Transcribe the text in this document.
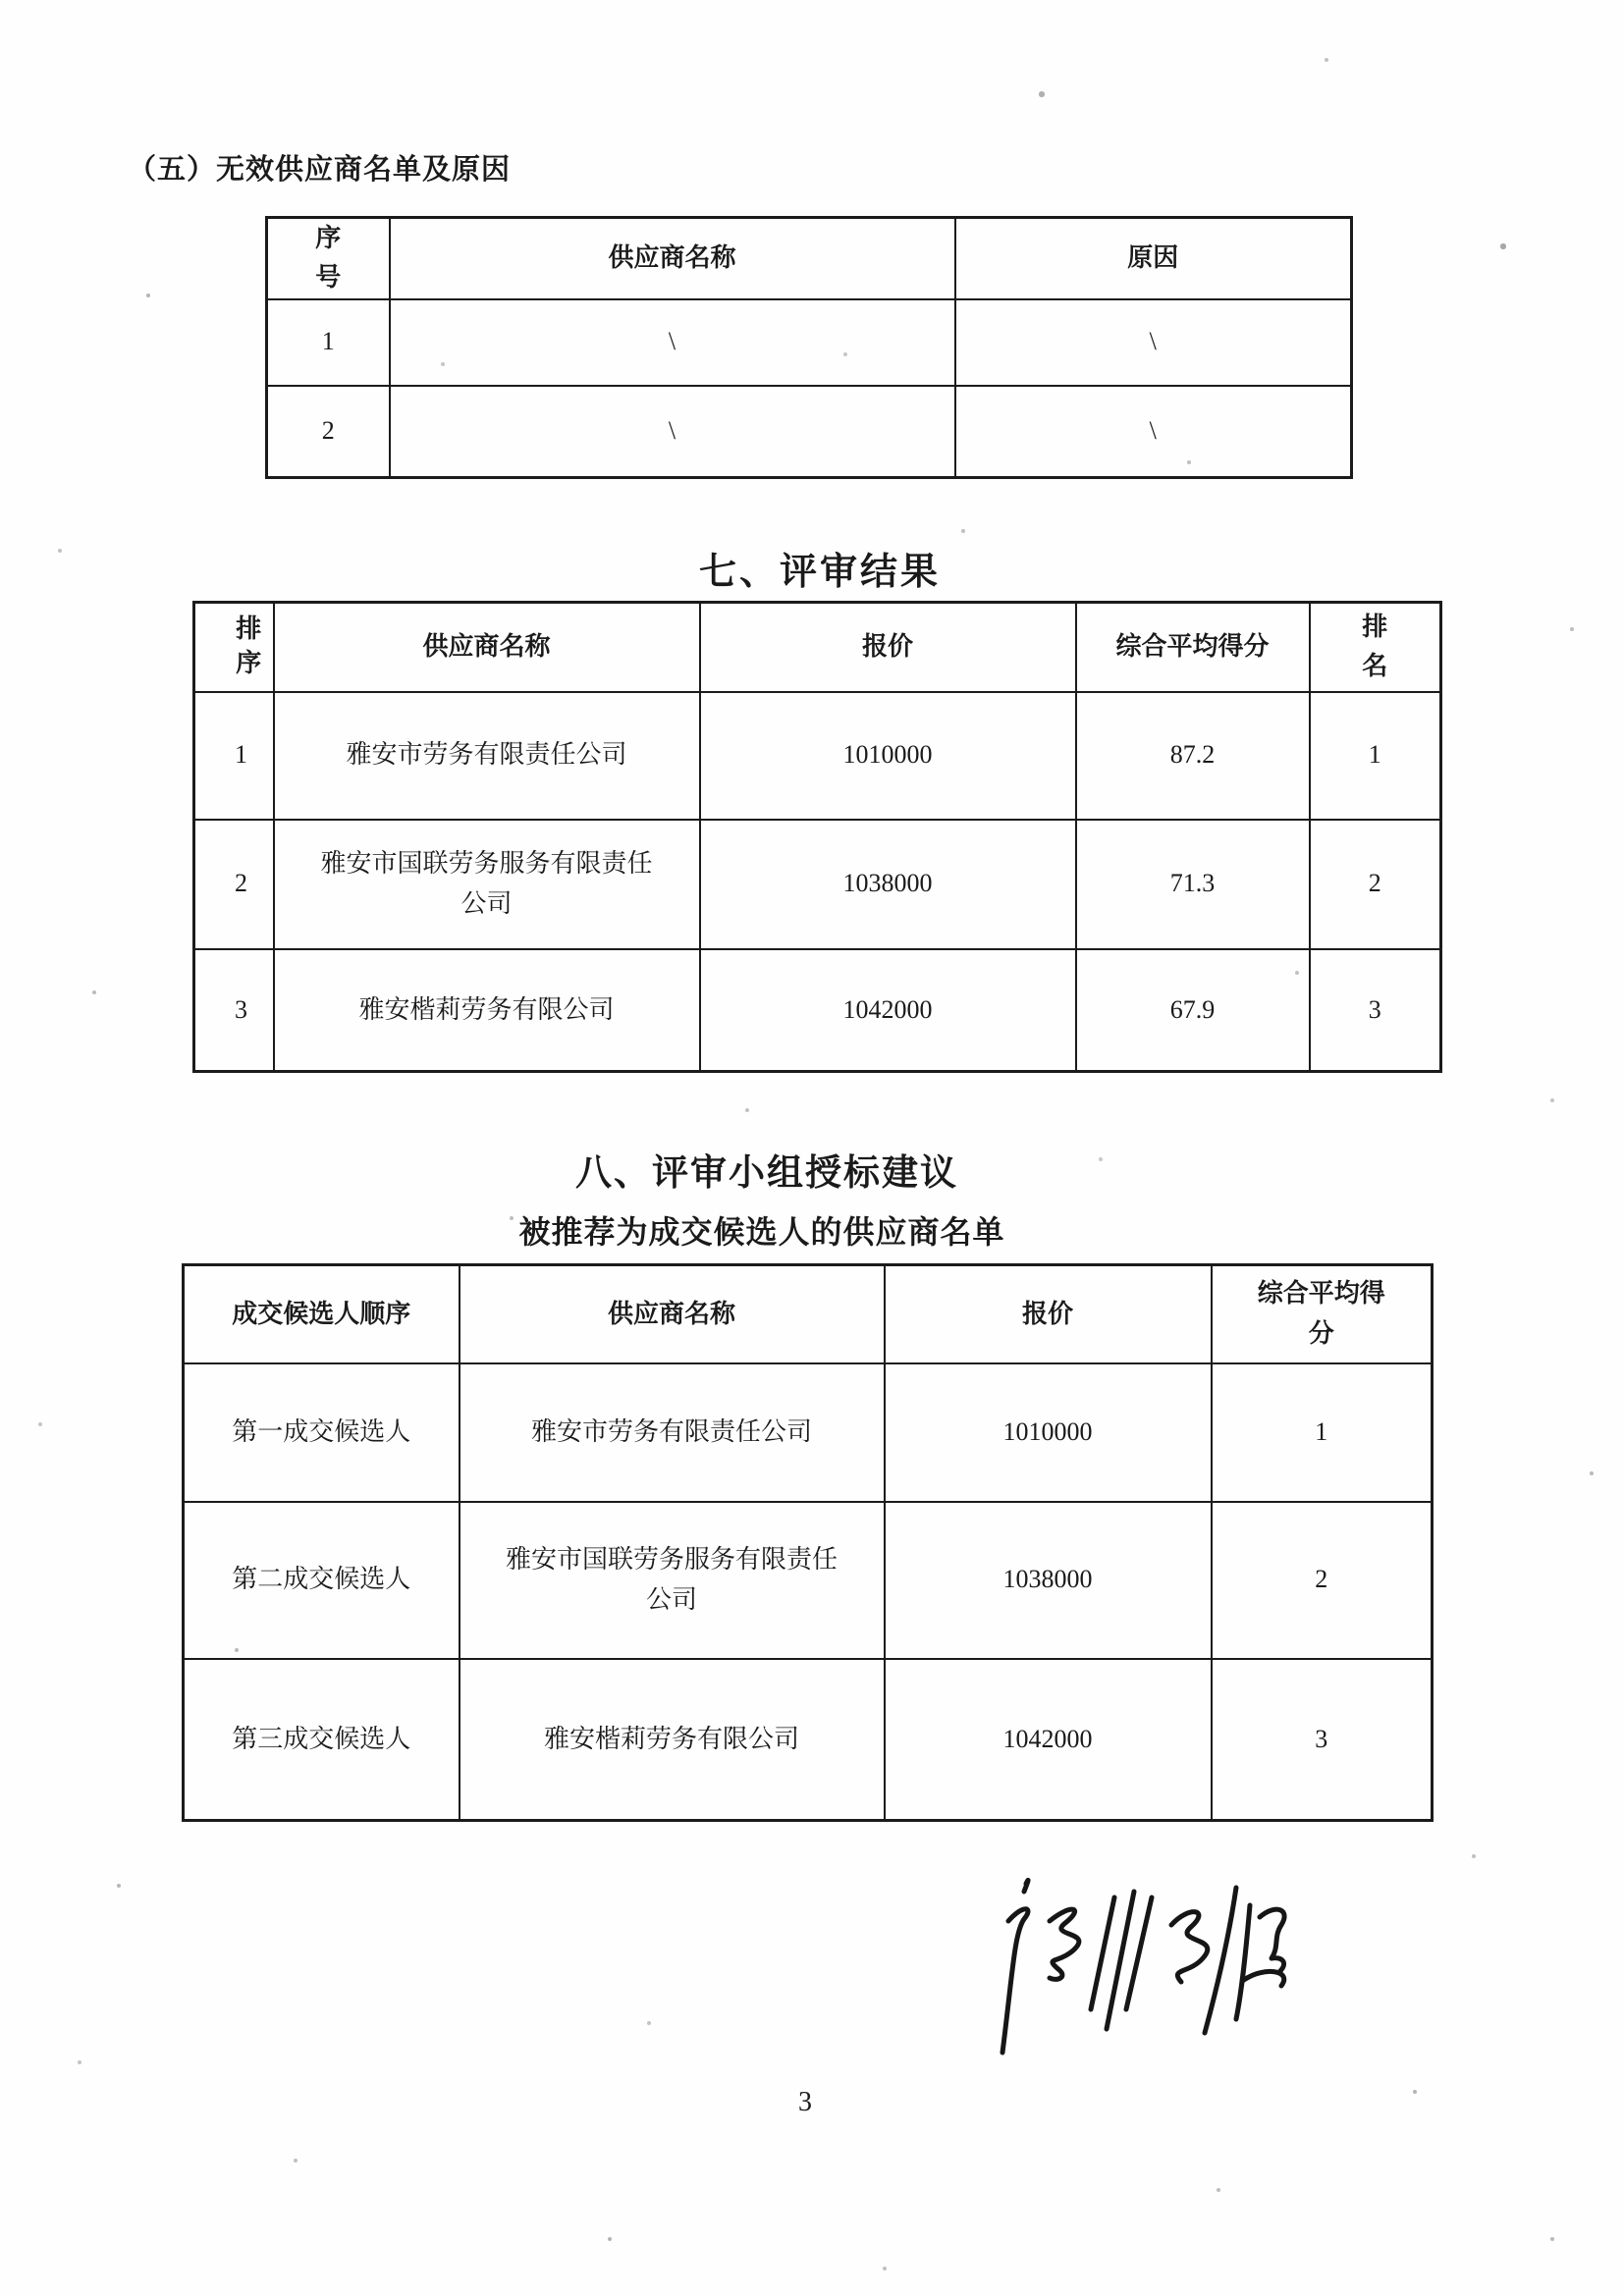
（五）无效供应商名单及原因
序号	供应商名称	原因
1	\	\
2	\	\
七、评审结果
排序	供应商名称	报价	综合平均得分	排名
1	雅安市劳务有限责任公司	1010000	87.2	1
2	雅安市国联劳务服务有限责任公司	1038000	71.3	2
3	雅安楷莉劳务有限公司	1042000	67.9	3
八、评审小组授标建议
被推荐为成交候选人的供应商名单
成交候选人顺序	供应商名称	报价	综合平均得分
第一成交候选人	雅安市劳务有限责任公司	1010000	1
第二成交候选人	雅安市国联劳务服务有限责任公司	1038000	2
第三成交候选人	雅安楷莉劳务有限公司	1042000	3
3
